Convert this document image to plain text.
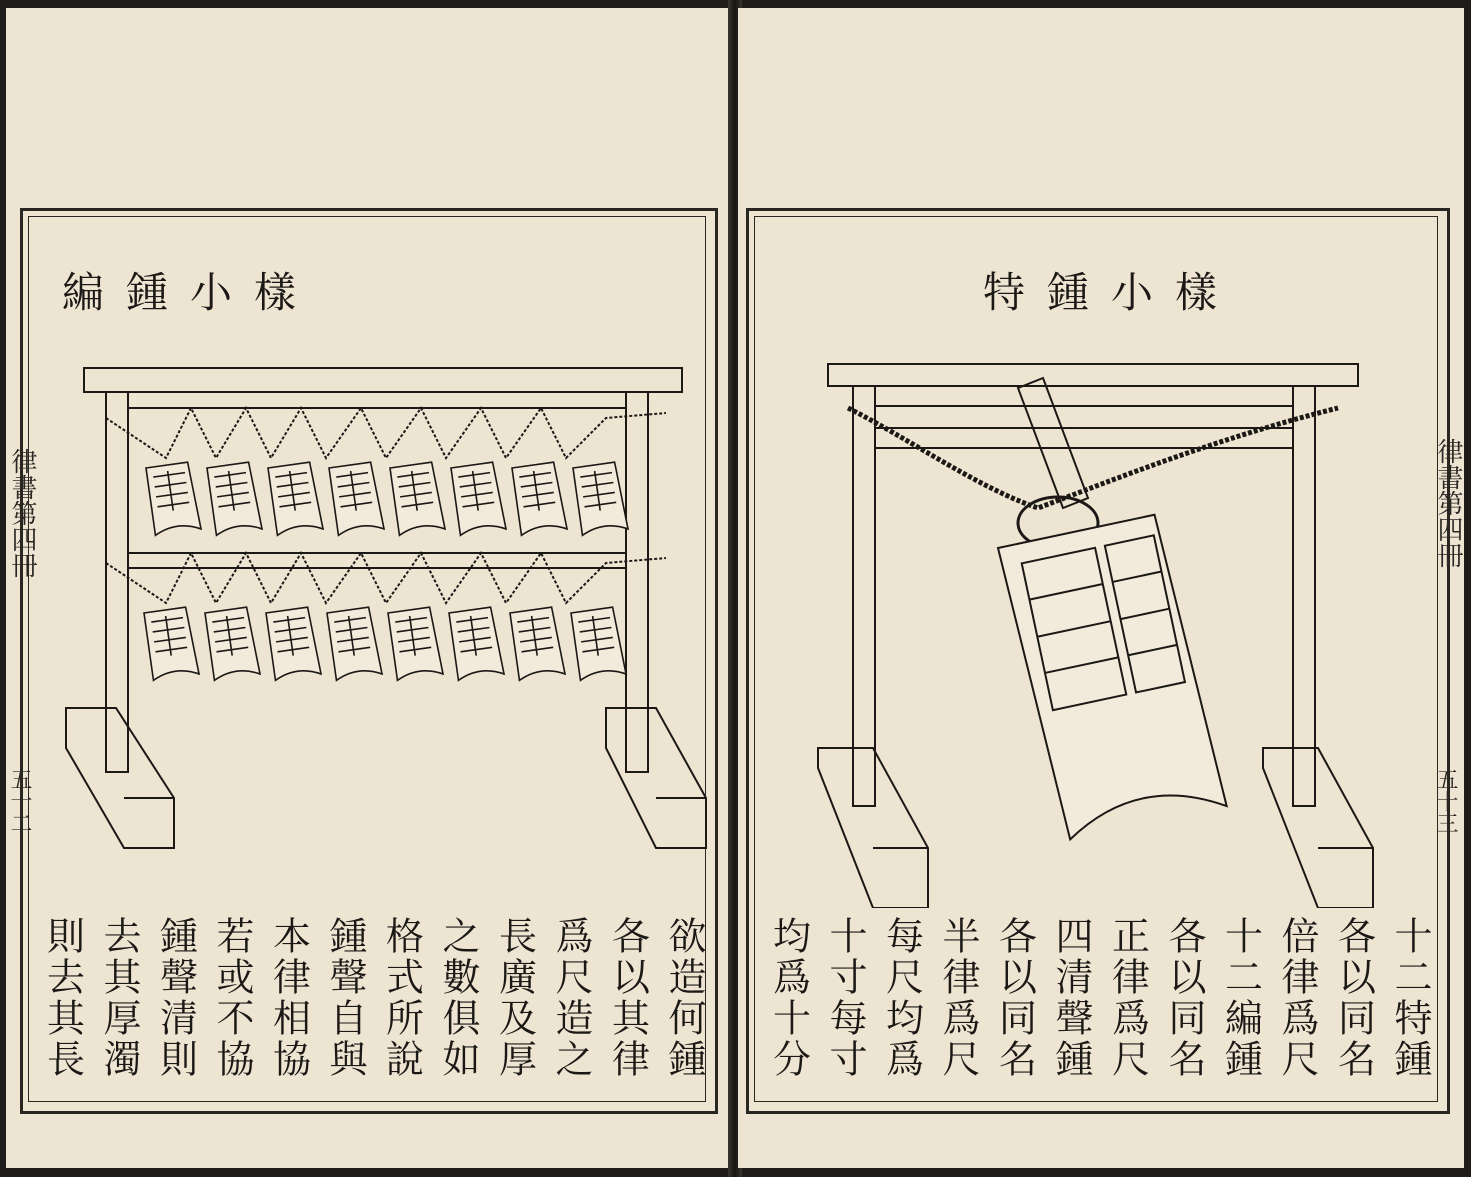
編鍾小樣
律書第四冊
五十二
欲造何鍾
各以其律
爲尺造之
長廣及厚
之數俱如
格式所說
鍾聲自與
本律相協
若或不協
鍾聲清則
去其厚濁
則去其長
特鍾小樣
律書第四冊
五十三
十二特鍾
各以同名
倍律爲尺
十二編鍾
各以同名
正律爲尺
四清聲鍾
各以同名
半律爲尺
每尺均爲
十寸每寸
均爲十分
